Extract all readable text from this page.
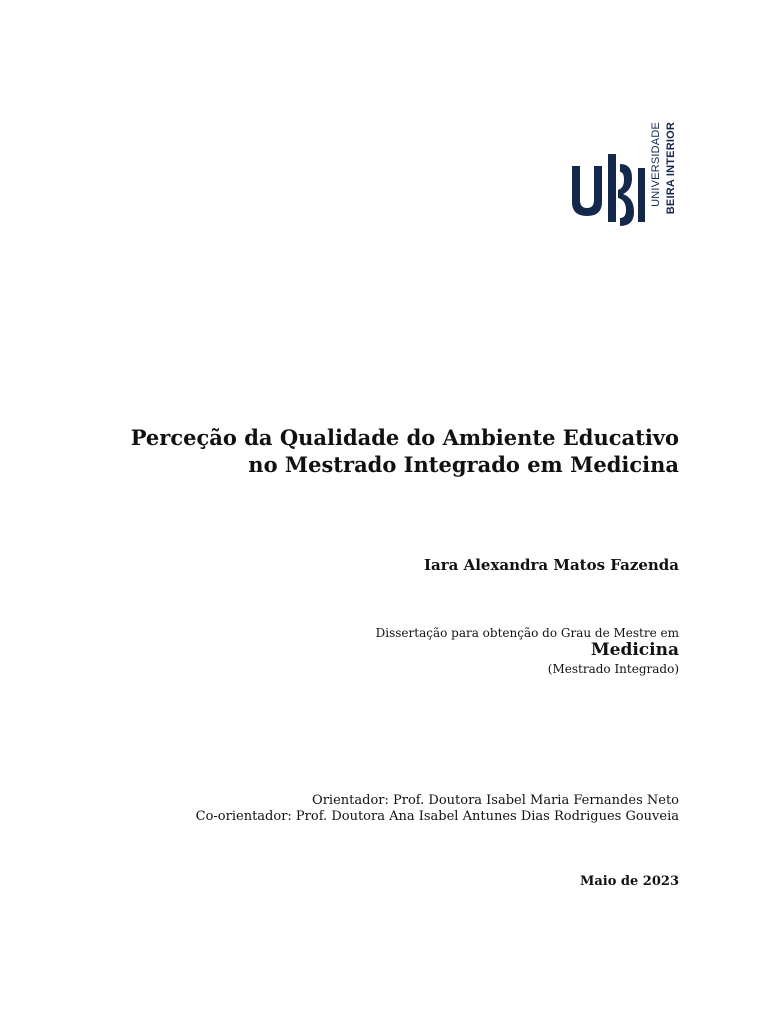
UNIVERSIDADE BEIRA INTERIOR
Perceção da Qualidade do Ambiente Educativo
no Mestrado Integrado em Medicina
Iara Alexandra Matos Fazenda
Dissertação para obtenção do Grau de Mestre em
Medicina
(Mestrado Integrado)
Orientador: Prof. Doutora Isabel Maria Fernandes Neto
Co-orientador: Prof. Doutora Ana Isabel Antunes Dias Rodrigues Gouveia
Maio de 2023
